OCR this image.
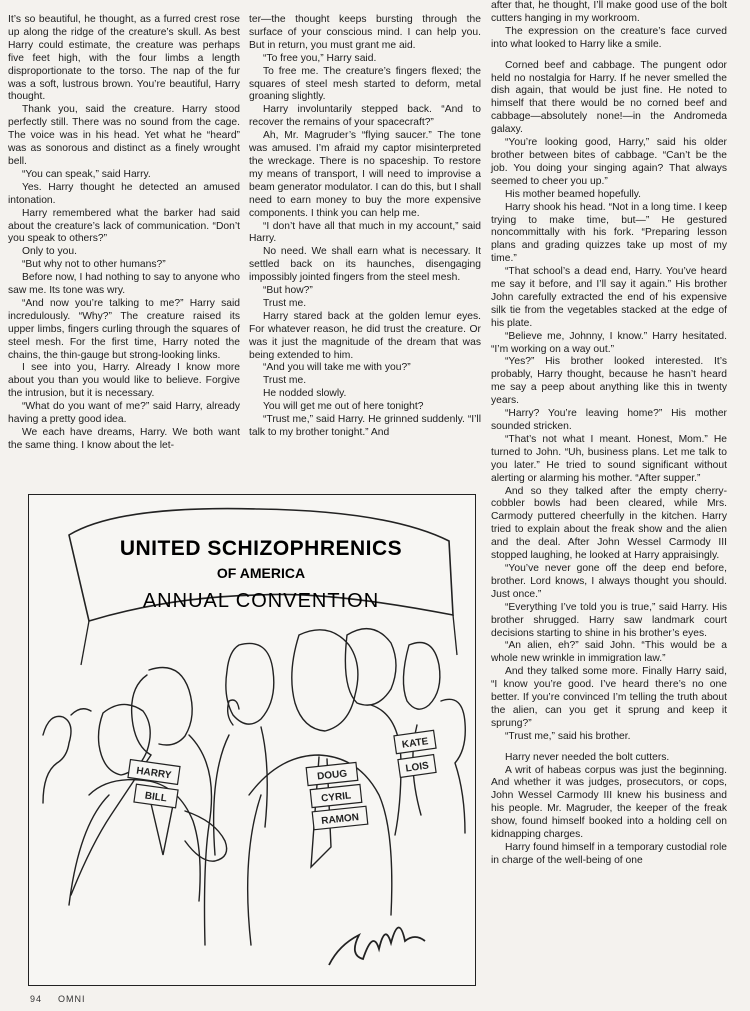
It’s so beautiful, he thought, as a furred crest rose up along the ridge of the creature’s skull. As best Harry could estimate, the creature was perhaps five feet high, with the four limbs a length disproportionate to the torso. The nap of the fur was a soft, lustrous brown. You’re beautiful, Harry thought.

Thank you, said the creature. Harry stood perfectly still. There was no sound from the cage. The voice was in his head. Yet what he “heard” was as sonorous and distinct as a finely wrought bell.

“You can speak,” said Harry.

Yes. Harry thought he detected an amused intonation.

Harry remembered what the barker had said about the creature’s lack of communication. “Don’t you speak to others?”

Only to you.

“But why not to other humans?”

Before now, I had nothing to say to anyone who saw me. Its tone was wry.

“And now you’re talking to me?” Harry said incredulously. “Why?” The creature raised its upper limbs, fingers curling through the squares of steel mesh. For the first time, Harry noted the chains, the thin-gauge but strong-looking links.

I see into you, Harry. Already I know more about you than you would like to believe. Forgive the intrusion, but it is necessary.

“What do you want of me?” said Harry, already having a pretty good idea.

We each have dreams, Harry. We both want the same thing. I know about the let-

ter—the thought keeps bursting through the surface of your conscious mind. I can help you. But in return, you must grant me aid.

“To free you,” Harry said.

To free me. The creature’s fingers flexed; the squares of steel mesh started to deform, metal groaning slightly.

Harry involuntarily stepped back. “And to recover the remains of your spacecraft?”

Ah, Mr. Magruder’s “flying saucer.” The tone was amused. I’m afraid my captor misinterpreted the wreckage. There is no spaceship. To restore my means of transport, I will need to improvise a beam generator modulator. I can do this, but I shall need to earn money to buy the more expensive components. I think you can help me.

“I don’t have all that much in my account,” said Harry.

No need. We shall earn what is necessary. It settled back on its haunches, disengaging impossibly jointed fingers from the steel mesh.

“But how?”

Trust me.

Harry stared back at the golden lemur eyes. For whatever reason, he did trust the creature. Or was it just the magnitude of the dream that was being extended to him.

“And you will take me with you?”

Trust me.

He nodded slowly.

You will get me out of here tonight?

“Trust me,” said Harry. He grinned suddenly. “I’ll talk to my brother tonight.” And

after that, he thought, I’ll make good use of the bolt cutters hanging in my workroom.

The expression on the creature’s face curved into what looked to Harry like a smile.

Corned beef and cabbage. The pungent odor held no nostalgia for Harry. If he never smelled the dish again, that would be just fine. He noted to himself that there would be no corned beef and cabbage—absolutely none!—in the Andromeda galaxy.

“You’re looking good, Harry,” said his older brother between bites of cabbage. “Can’t be the job. You doing your singing again? That always seemed to cheer you up.”

His mother beamed hopefully.

Harry shook his head. “Not in a long time. I keep trying to make time, but—” He gestured noncommittally with his fork. “Preparing lesson plans and grading quizzes take up most of my time.”

“That school’s a dead end, Harry. You’ve heard me say it before, and I’ll say it again.” His brother John carefully extracted the end of his expensive silk tie from the vegetables stacked at the edge of his plate.

“Believe me, Johnny, I know.” Harry hesitated. “I’m working on a way out.”

“Yes?” His brother looked interested. It’s probably, Harry thought, because he hasn’t heard me say a peep about anything like this in twenty years.

“Harry? You’re leaving home?” His mother sounded stricken.

“That’s not what I meant. Honest, Mom.” He turned to John. “Uh, business plans. Let me talk to you later.” He tried to sound significant without alerting or alarming his mother. “After supper.”

And so they talked after the empty cherry-cobbler bowls had been cleared, while Mrs. Carmody puttered cheerfully in the kitchen. Harry tried to explain about the freak show and the alien and the deal. After John Wessel Carmody III stopped laughing, he looked at Harry appraisingly.

“You’ve never gone off the deep end before, brother. Lord knows, I always thought you should. Just once.”

“Everything I’ve told you is true,” said Harry. His brother shrugged. Harry saw landmark court decisions starting to shine in his brother’s eyes.

“An alien, eh?” said John. “This would be a whole new wrinkle in immigration law.”

And they talked some more. Finally Harry said, “I know you’re good. I’ve heard there’s no one better. If you’re convinced I’m telling the truth about the alien, can you get it sprung and keep it sprung?”

“Trust me,” said his brother.

Harry never needed the bolt cutters.

A writ of habeas corpus was just the beginning. And whether it was judges, prosecutors, or cops, John Wessel Carmody III knew his business and his people. Mr. Magruder, the keeper of the freak show, found himself booked into a holding cell on kidnapping charges.

Harry found himself in a temporary custodial role in charge of the well-being of one

UNITED SCHIZOPHRENICS
OF AMERICA
ANNUAL CONVENTION
HARRY
BILL
DOUG
CYRIL
RAMON
KATE
LOIS
94 OMNI
